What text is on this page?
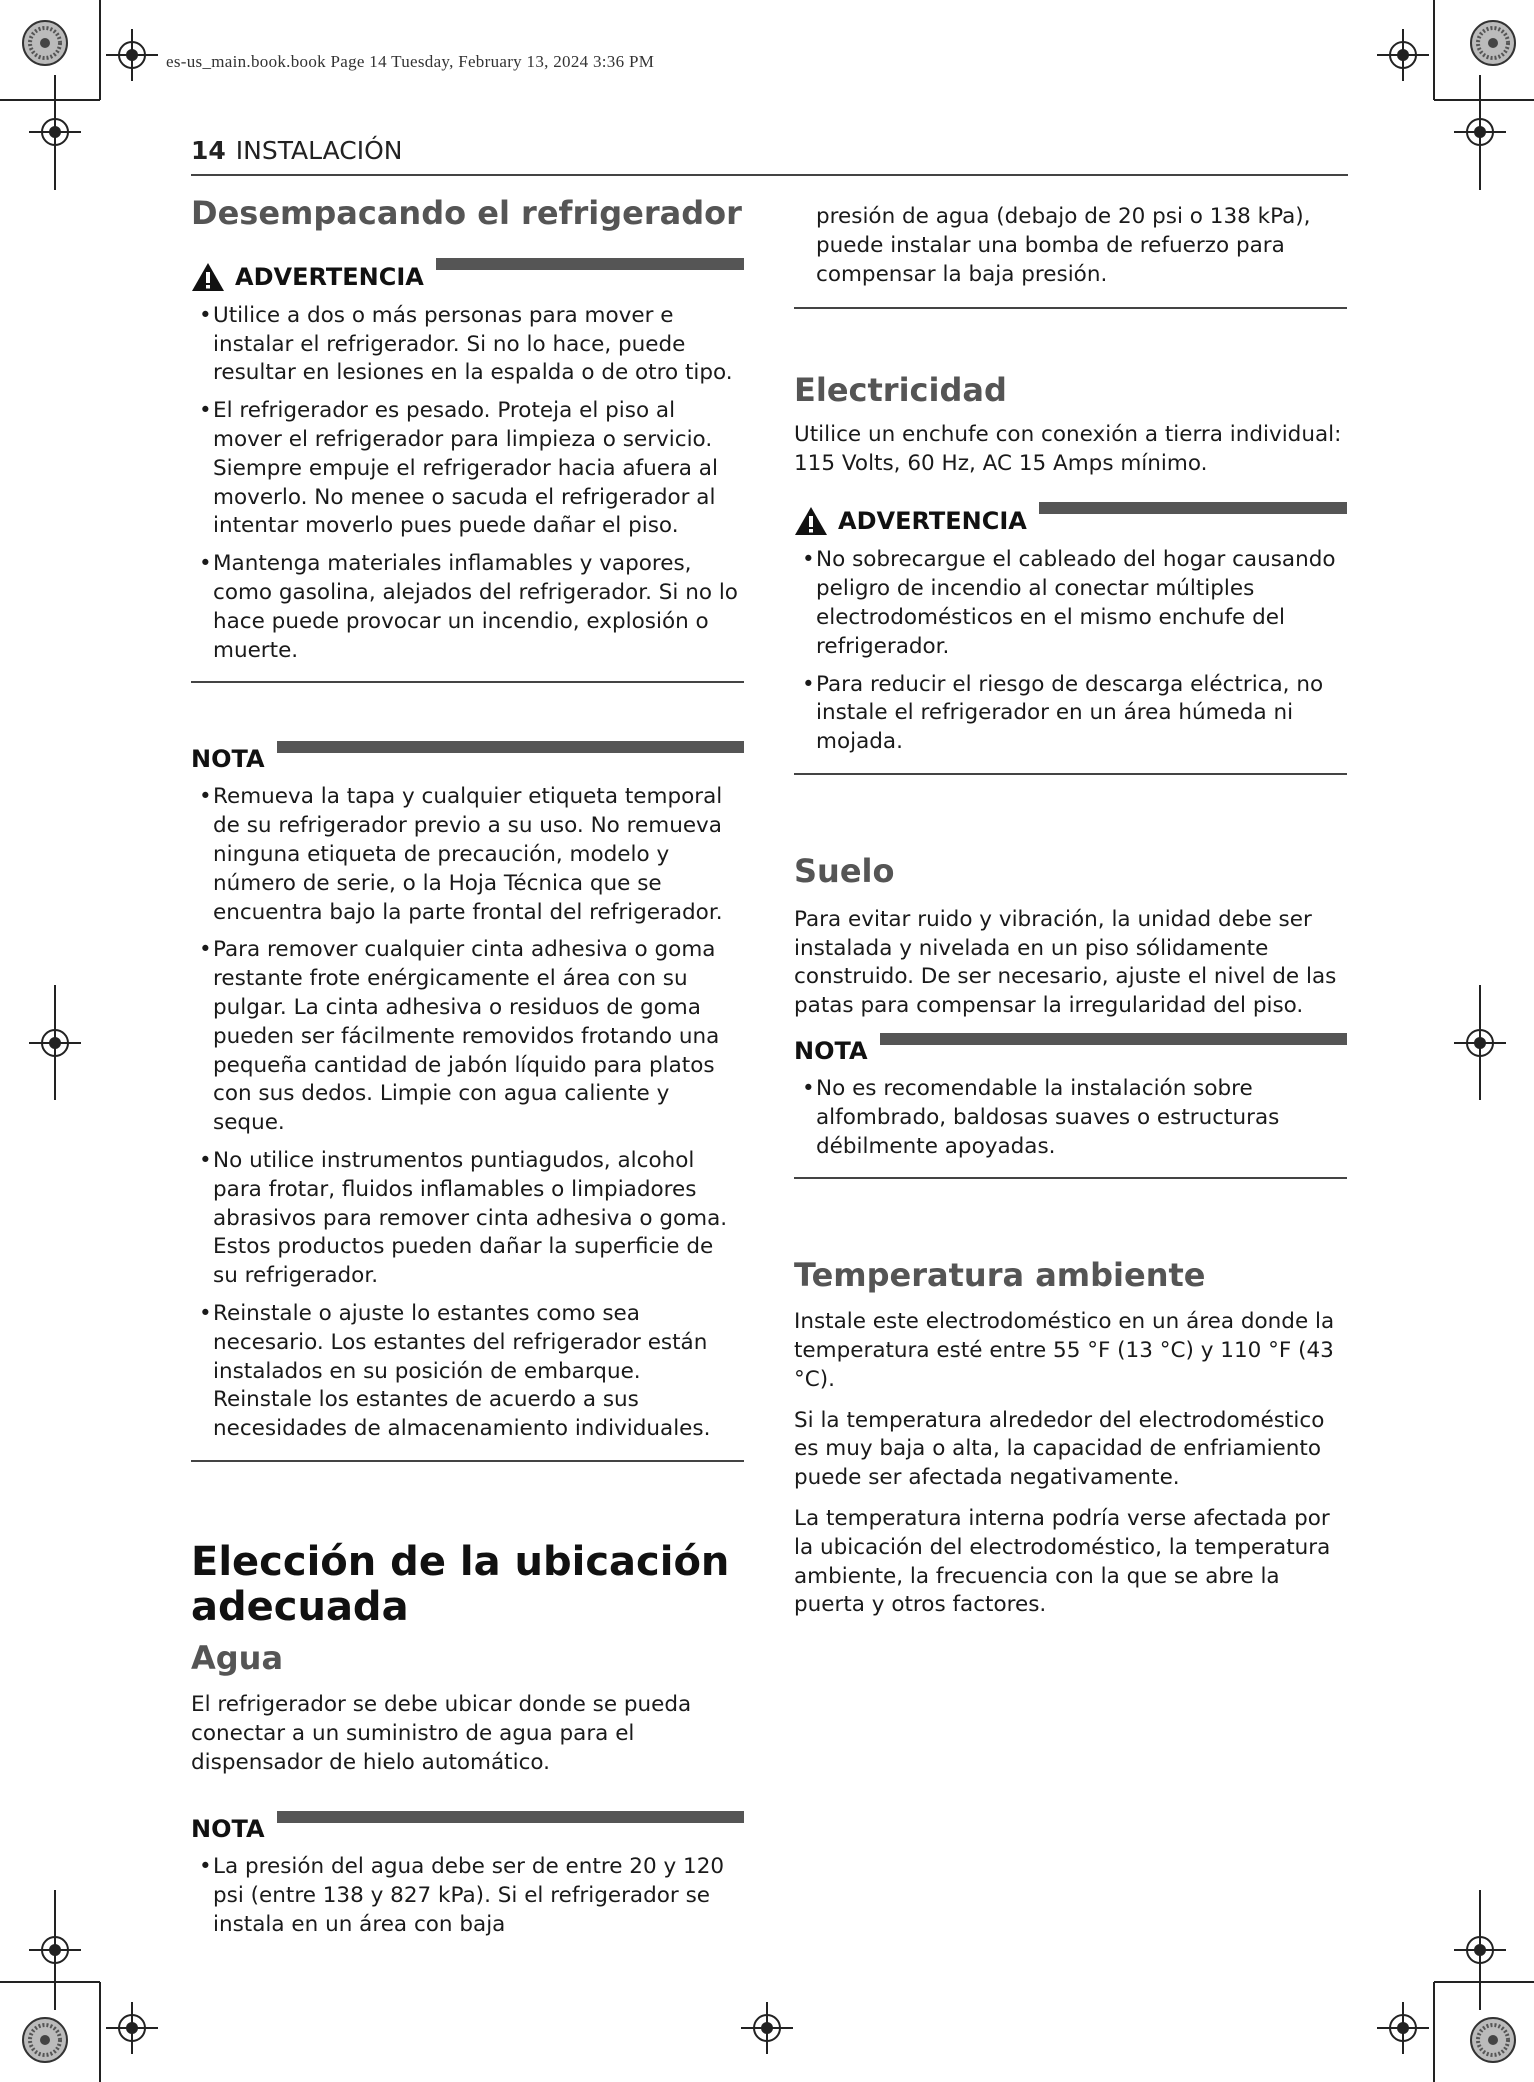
es-us_main.book.book Page 14 Tuesday, February 13, 2024 3:36 PM
14 INSTALACIÓN
Desempacando el refrigerador
ADVERTENCIA
• Utilice a dos o más personas para mover e instalar el refrigerador. Si no lo hace, puede resultar en lesiones en la espalda o de otro tipo.
• El refrigerador es pesado. Proteja el piso al mover el refrigerador para limpieza o servicio. Siempre empuje el refrigerador hacia afuera al moverlo. No menee o sacuda el refrigerador al intentar moverlo pues puede dañar el piso.
• Mantenga materiales inflamables y vapores, como gasolina, alejados del refrigerador. Si no lo hace puede provocar un incendio, explosión o muerte.
NOTA
• Remueva la tapa y cualquier etiqueta temporal de su refrigerador previo a su uso. No remueva ninguna etiqueta de precaución, modelo y número de serie, o la Hoja Técnica que se encuentra bajo la parte frontal del refrigerador.
• Para remover cualquier cinta adhesiva o goma restante frote enérgicamente el área con su pulgar. La cinta adhesiva o residuos de goma pueden ser fácilmente removidos frotando una pequeña cantidad de jabón líquido para platos con sus dedos. Limpie con agua caliente y seque.
• No utilice instrumentos puntiagudos, alcohol para frotar, fluidos inflamables o limpiadores abrasivos para remover cinta adhesiva o goma. Estos productos pueden dañar la superficie de su refrigerador.
• Reinstale o ajuste lo estantes como sea necesario. Los estantes del refrigerador están instalados en su posición de embarque. Reinstale los estantes de acuerdo a sus necesidades de almacenamiento individuales.
Elección de la ubicación adecuada
Agua

El refrigerador se debe ubicar donde se pueda conectar a un suministro de agua para el dispensador de hielo automático.

NOTA
• La presión del agua debe ser de entre 20 y 120 psi (entre 138 y 827 kPa). Si el refrigerador se instala en un área con baja

presión de agua (debajo de 20 psi o 138 kPa), puede instalar una bomba de refuerzo para compensar la baja presión.

Electricidad

Utilice un enchufe con conexión a tierra individual: 115 Volts, 60 Hz, AC 15 Amps mínimo.

ADVERTENCIA
• No sobrecargue el cableado del hogar causando peligro de incendio al conectar múltiples electrodomésticos en el mismo enchufe del refrigerador.
• Para reducir el riesgo de descarga eléctrica, no instale el refrigerador en un área húmeda ni mojada.
Suelo

Para evitar ruido y vibración, la unidad debe ser instalada y nivelada en un piso sólidamente construido. De ser necesario, ajuste el nivel de las patas para compensar la irregularidad del piso.

NOTA
• No es recomendable la instalación sobre alfombrado, baldosas suaves o estructuras débilmente apoyadas.
Temperatura ambiente

Instale este electrodoméstico en un área donde la temperatura esté entre 55 °F (13 °C) y 110 °F (43 °C).

Si la temperatura alrededor del electrodoméstico es muy baja o alta, la capacidad de enfriamiento puede ser afectada negativamente.

La temperatura interna podría verse afectada por la ubicación del electrodoméstico, la temperatura ambiente, la frecuencia con la que se abre la puerta y otros factores.
